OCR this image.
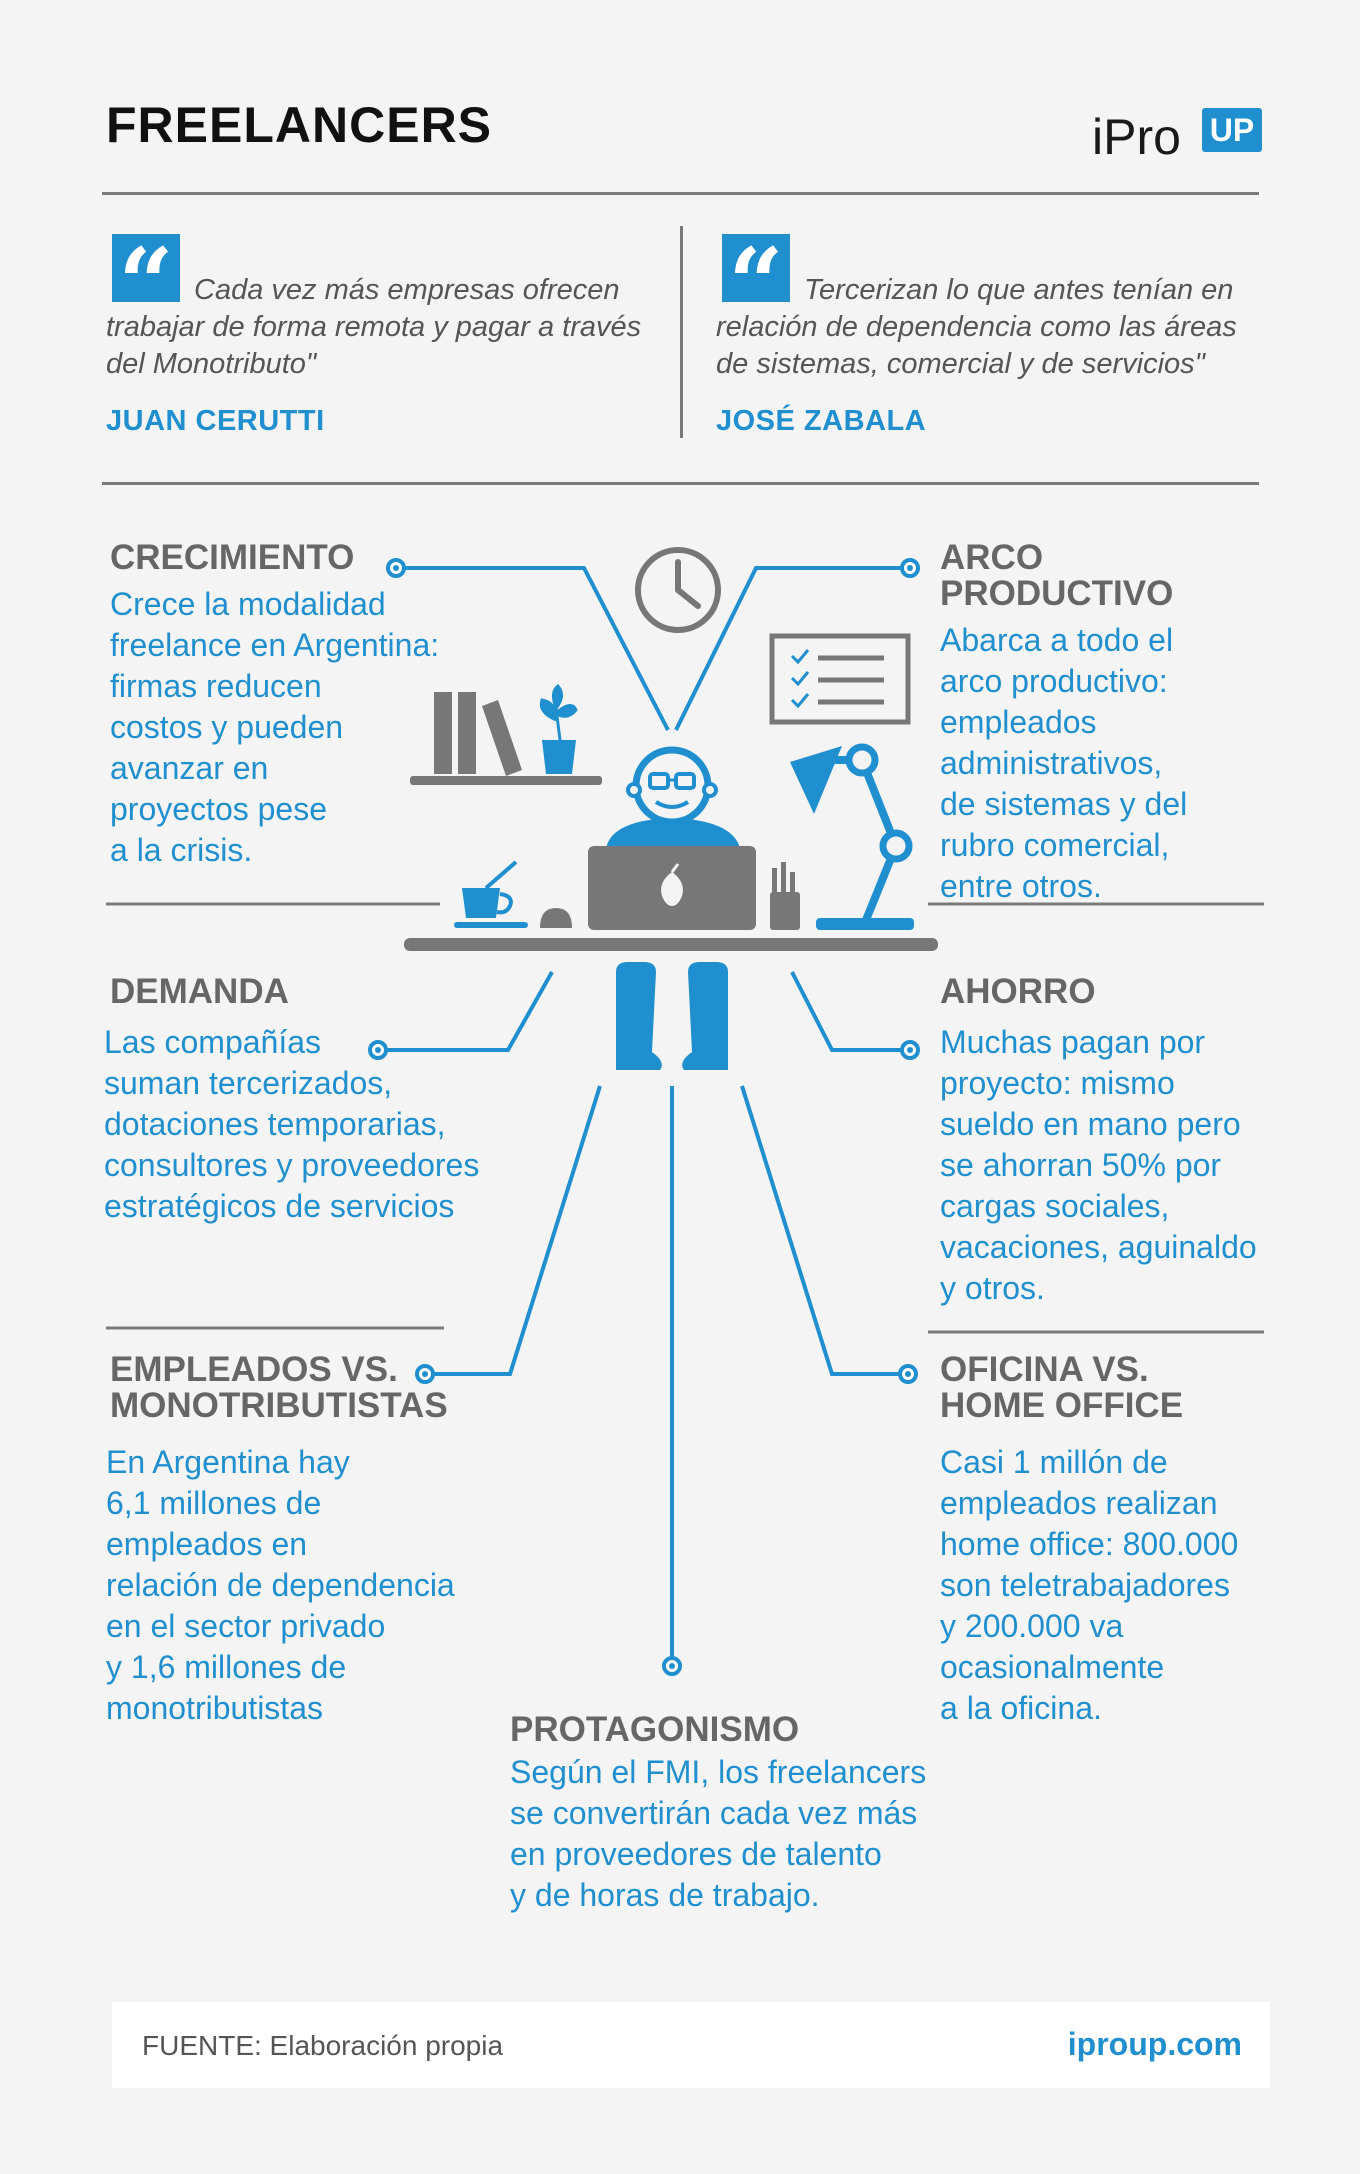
FREELANCERS	iPro UP
“ Cada vez más empresas ofrecen trabajar de forma remota y pagar a través del Monotributo"
JUAN CERUTTI
“ Tercerizan lo que antes tenían en relación de dependencia como las áreas de sistemas, comercial y de servicios"
JOSÉ ZABALA
CRECIMIENTO
Crece la modalidad
freelance en Argentina:
firmas reducen
costos y pueden
avanzar en
proyectos pese
a la crisis.
ARCO PRODUCTIVO
Abarca a todo el
arco productivo:
empleados
administrativos,
de sistemas y del
rubro comercial,
entre otros.
DEMANDA
Las compañías
suman tercerizados,
dotaciones temporarias,
consultores y proveedores
estratégicos de servicios
AHORRO
Muchas pagan por
proyecto: mismo
sueldo en mano pero
se ahorran 50% por
cargas sociales,
vacaciones, aguinaldo
y otros.
EMPLEADOS VS.
MONOTRIBUTISTAS
En Argentina hay
6,1 millones de
empleados en
relación de dependencia
en el sector privado
y 1,6 millones de
monotributistas
OFICINA VS.
HOME OFFICE
Casi 1 millón de
empleados realizan
home office: 800.000
son teletrabajadores
y 200.000 va
ocasionalmente
a la oficina.
PROTAGONISMO
Según el FMI, los freelancers
se convertirán cada vez más
en proveedores de talento
y de horas de trabajo.
FUENTE: Elaboración propia	iproup.com
